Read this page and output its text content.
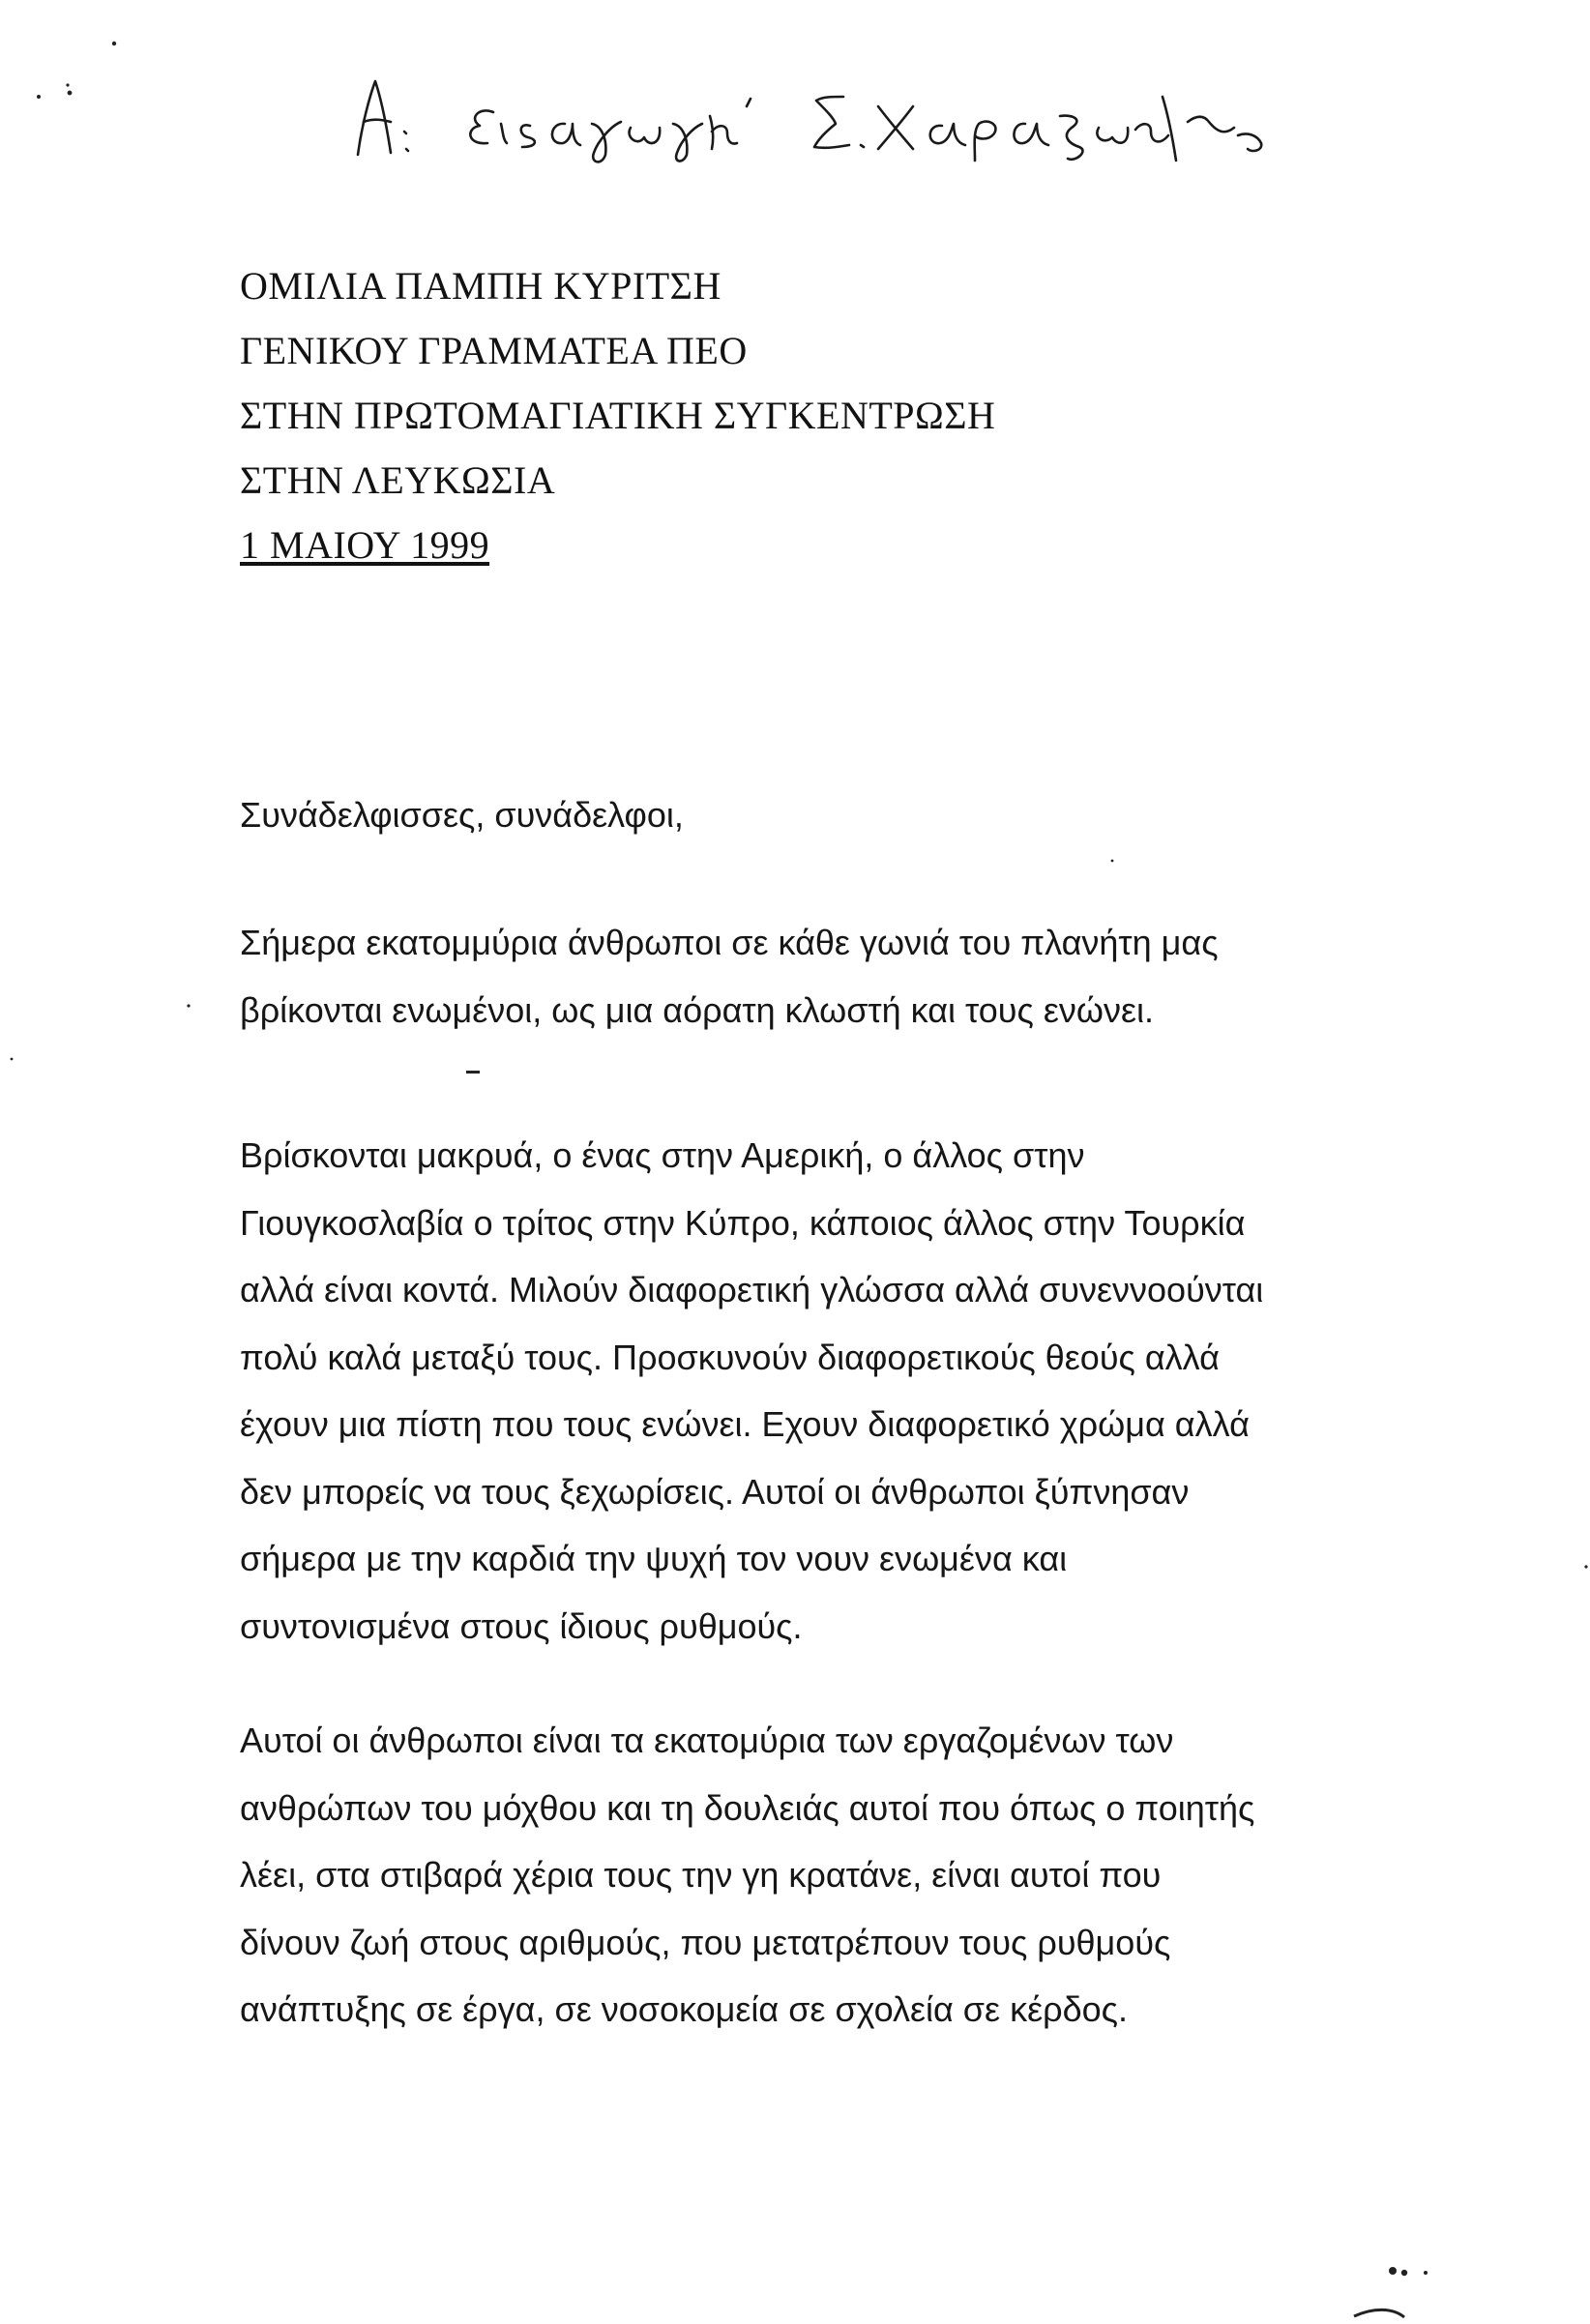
ΟΜΙΛΙΑ ΠΑΜΠΗ ΚΥΡΙΤΣΗ
ΓΕΝΙΚΟΥ ΓΡΑΜΜΑΤΕΑ ΠΕΟ
ΣΤΗΝ ΠΡΩΤΟΜΑΓΙΑΤΙΚΗ ΣΥΓΚΕΝΤΡΩΣΗ
ΣΤΗΝ ΛΕΥΚΩΣΙΑ
1 ΜΑΙΟΥ 1999
Συνάδελφισσες, συνάδελφοι,
Σήμερα εκατομμύρια άνθρωποι σε κάθε γωνιά του πλανήτη μας
βρίκονται ενωμένοι, ως μια αόρατη κλωστή και τους ενώνει.
Βρίσκονται μακρυά, ο ένας στην Αμερική, ο άλλος στην
Γιουγκοσλαβία ο τρίτος στην Κύπρο, κάποιος άλλος στην Τουρκία
αλλά είναι κοντά. Μιλούν διαφορετική γλώσσα αλλά συνεννοούνται
πολύ καλά μεταξύ τους. Προσκυνούν διαφορετικούς θεούς αλλά
έχουν μια πίστη που τους ενώνει. Εχουν διαφορετικό χρώμα αλλά
δεν μπορείς να τους ξεχωρίσεις. Αυτοί οι άνθρωποι ξύπνησαν
σήμερα με την καρδιά την ψυχή τον νουν ενωμένα και
συντονισμένα στους ίδιους ρυθμούς.
Αυτοί οι άνθρωποι είναι τα εκατομύρια των εργαζομένων των
ανθρώπων του μόχθου και τη δουλειάς αυτοί που όπως ο ποιητής
λέει, στα στιβαρά χέρια τους την γη κρατάνε, είναι αυτοί που
δίνουν ζωή στους αριθμούς, που μετατρέπουν τους ρυθμούς
ανάπτυξης σε έργα, σε νοσοκομεία σε σχολεία σε κέρδος.
